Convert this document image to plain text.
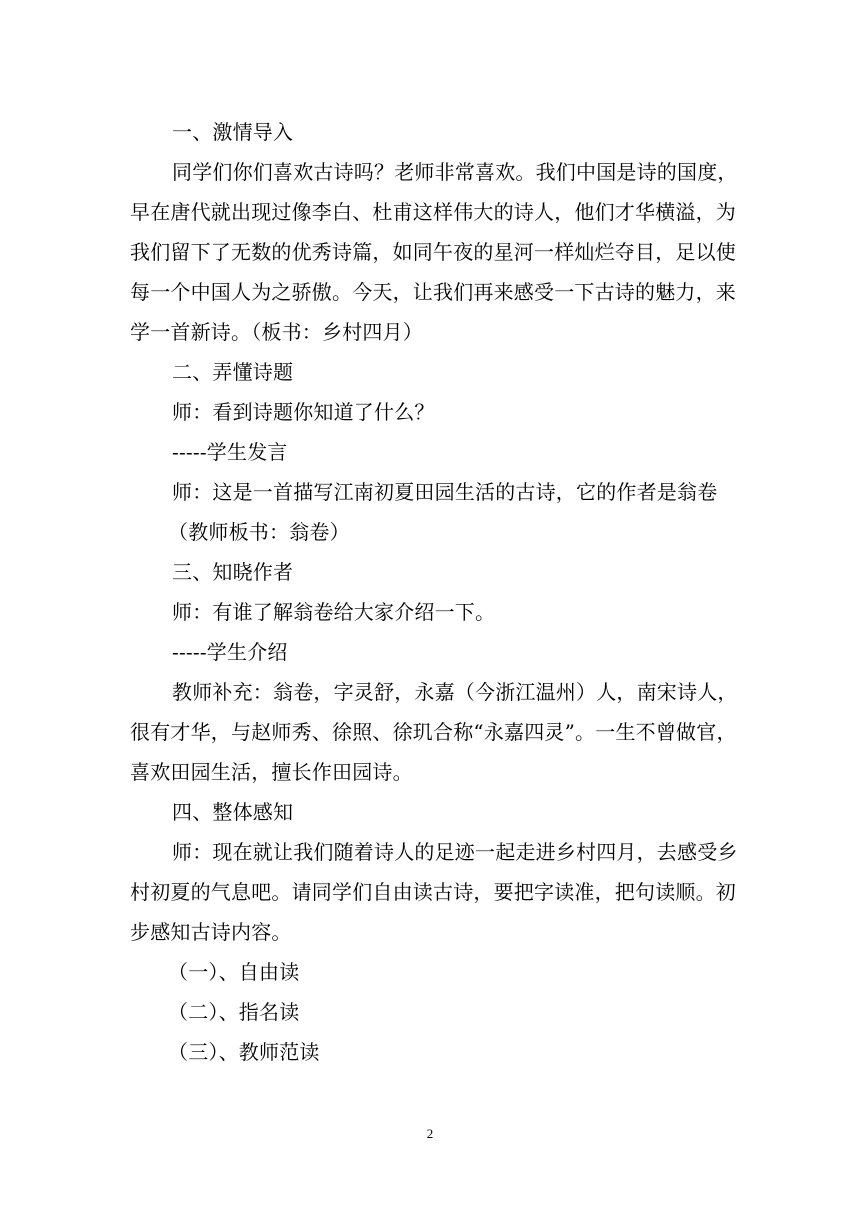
一、激情导入
同学们你们喜欢古诗吗？老师非常喜欢。我们中国是诗的国度，
早在唐代就出现过像李白、杜甫这样伟大的诗人，他们才华横溢，为
我们留下了无数的优秀诗篇，如同午夜的星河一样灿烂夺目，足以使
每一个中国人为之骄傲。今天，让我们再来感受一下古诗的魅力，来
学一首新诗。（板书：乡村四月）
二、弄懂诗题
师：看到诗题你知道了什么？
-----学生发言
师：这是一首描写江南初夏田园生活的古诗，它的作者是翁卷
（教师板书：翁卷）
三、知晓作者
师：有谁了解翁卷给大家介绍一下。
-----学生介绍
教师补充：翁卷，字灵舒，永嘉（今浙江温州）人，南宋诗人，
很有才华，与赵师秀、徐照、徐玑合称“永嘉四灵”。一生不曾做官，
喜欢田园生活，擅长作田园诗。
四、整体感知
师：现在就让我们随着诗人的足迹一起走进乡村四月，去感受乡
村初夏的气息吧。请同学们自由读古诗，要把字读准，把句读顺。初
步感知古诗内容。
（一）、自由读
（二）、指名读
（三）、教师范读
2
